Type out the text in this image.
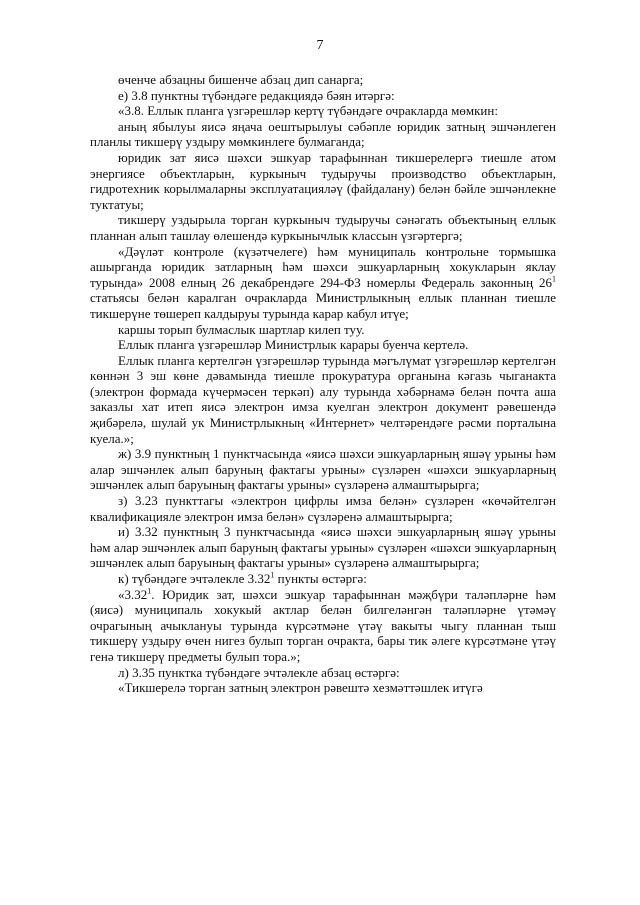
7

өченче абзацны бишенче абзац дип санарга;

е) 3.8 пунктны түбәндәге редакциядә бәян итәргә:

«3.8. Еллык планга үзгәрешләр кертү түбәндәге очракларда мөмкин:

аның ябылуы яисә яңача оештырылуы сәбәпле юридик затның эшчәнлеген планлы тикшерү уздыру мөмкинлеге булмаганда;

юридик зат яисә шәхси эшкуар тарафыннан тикшерелергә тиешле атом энергиясе объектларын, куркыныч тудыручы производство объектларын, гидротехник корылмаларны эксплуатацияләү (файдалану) белән бәйле эшчәнлекне туктатуы;

тикшерү уздырыла торган куркыныч тудыручы сәнәгать объектының еллык планнан алып ташлау өлешендә куркынычлык классын үзгәртергә;

«Дәүләт контроле (күзәтчелеге) һәм муниципаль контрольне тормышка ашырганда юридик затларның һәм шәхси эшкуарларның хокукларын яклау турында» 2008 елның 26 декабрендәге 294-ФЗ номерлы Федераль законның $26^1$ статьясы белән каралган очракларда Министрлыкның еллык планнан тиешле тикшерүне төшереп калдыруы турында карар кабул итүе;

каршы торып булмаслык шартлар килеп туу.

Еллык планга үзгәрешләр Министрлык карары буенча кертелә.

Еллык планга кертелгән үзгәрешләр турында мәгълүмат үзгәрешләр кертелгән көннән 3 эш көне дәвамында тиешле прокуратура органына кәгазь чыганакта (электрон формада күчермәсен теркәп) алу турында хәбәрнамә белән почта аша заказлы хат итеп яисә электрон имза куелган электрон документ рәвешендә җибәрелә, шулай ук Министрлыкның «Интернет» челтәрендәге рәсми порталына куела.»;

ж) 3.9 пунктның 1 пунктчасында «яисә шәхси эшкуарларның яшәү урыны һәм алар эшчәнлек алып баруның фактагы урыны» сүзләрен «шәхси эшкуарларның эшчәнлек алып баруының фактагы урыны» сүзләренә алмаштырырга;

з) 3.23 пункттагы «электрон цифрлы имза белән» сүзләрен «көчәйтелгән квалификацияле электрон имза белән» сүзләренә алмаштырырга;

и) 3.32 пунктның 3 пунктчасында «яисә шәхси эшкуарларның яшәү урыны һәм алар эшчәнлек алып баруның фактагы урыны» сүзләрен «шәхси эшкуарларның эшчәнлек алып баруының фактагы урыны» сүзләренә алмаштырырга;

к) түбәндәге эчтәлекле 3.32$^1$ пункты өстәргә:

«3.32$^1$. Юридик зат, шәхси эшкуар тарафыннан мәҗбүри таләпләрне һәм (яисә) муниципаль хокукый актлар белән билгеләнгән таләпләрне үтәмәү очрагының ачыклануы турында күрсәтмәне үтәү вакыты чыгу планнан тыш тикшерү уздыру өчен нигез булып торган очракта, бары тик әлеге күрсәтмәне үтәү генә тикшерү предметы булып тора.»;

л) 3.35 пунктка түбәндәге эчтәлекле абзац өстәргә:

«Тикшерелә торган затның электрон рәвештә хезмәттәшлек итүгә
